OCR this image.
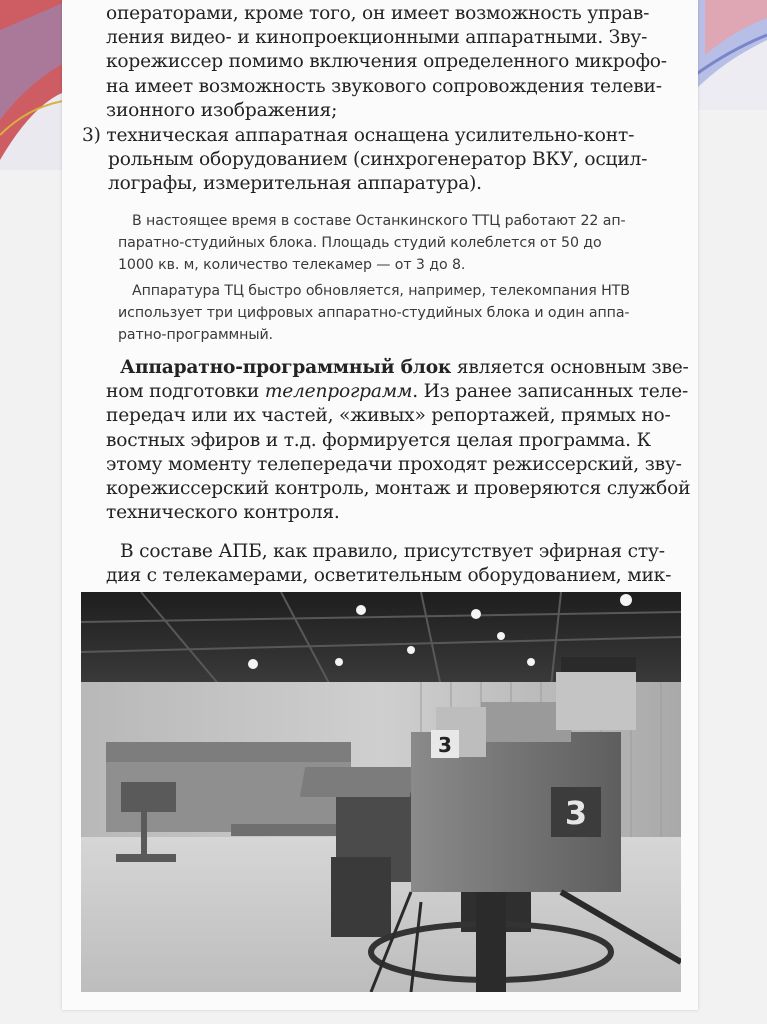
операторами, кроме того, он имеет возможность управ-
ления видео- и кинопроекционными аппаратными. Зву-
корежиссер помимо включения определенного микрофо-
на имеет возможность звукового сопровождения телеви-
зионного изображения;
3) техническая аппаратная оснащена усилительно-конт-
рольным оборудованием (синхрогенератор ВКУ, осцил-
лографы, измерительная аппаратура).
В настоящее время в составе Останкинского ТТЦ работают 22 ап-
паратно-студийных блока. Площадь студий колеблется от 50 до
1000 кв. м, количество телекамер — от 3 до 8.
Аппаратура ТЦ быстро обновляется, например, телекомпания НТВ
использует три цифровых аппаратно-студийных блока и один аппа-
ратно-программный.
Аппаратно-программный блок является основным зве-
ном подготовки телепрограмм. Из ранее записанных теле-
передач или их частей, «живых» репортажей, прямых но-
востных эфиров и т.д. формируется целая программа. К
этому моменту телепередачи проходят режиссерский, зву-
корежиссерский контроль, монтаж и проверяются службой
технического контроля.
В составе АПБ, как правило, присутствует эфирная сту-
дия с телекамерами, осветительным оборудованием, мик-
3
3
